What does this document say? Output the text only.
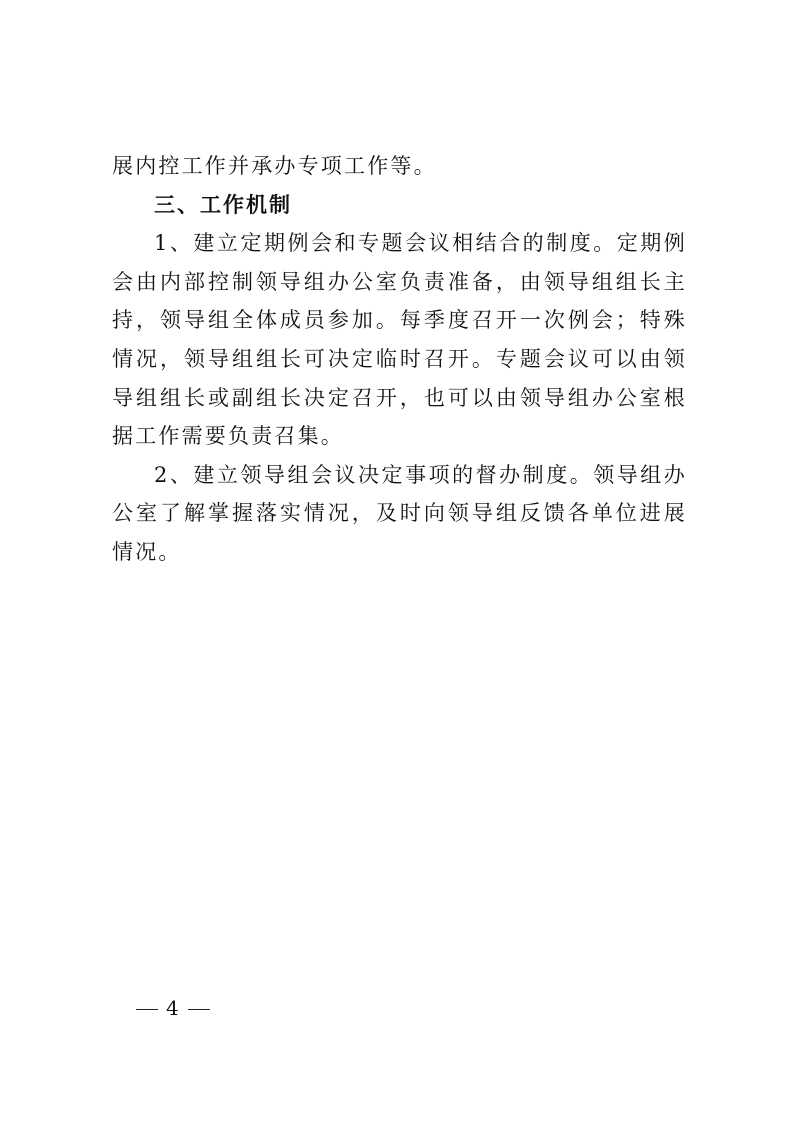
展内控工作并承办专项工作等。

三、工作机制

1、建立定期例会和专题会议相结合的制度。定期例会由内部控制领导组办公室负责准备，由领导组组长主持，领导组全体成员参加。每季度召开一次例会；特殊情况，领导组组长可决定临时召开。专题会议可以由领导组组长或副组长决定召开，也可以由领导组办公室根据工作需要负责召集。

2、建立领导组会议决定事项的督办制度。领导组办公室了解掌握落实情况，及时向领导组反馈各单位进展情况。

4
